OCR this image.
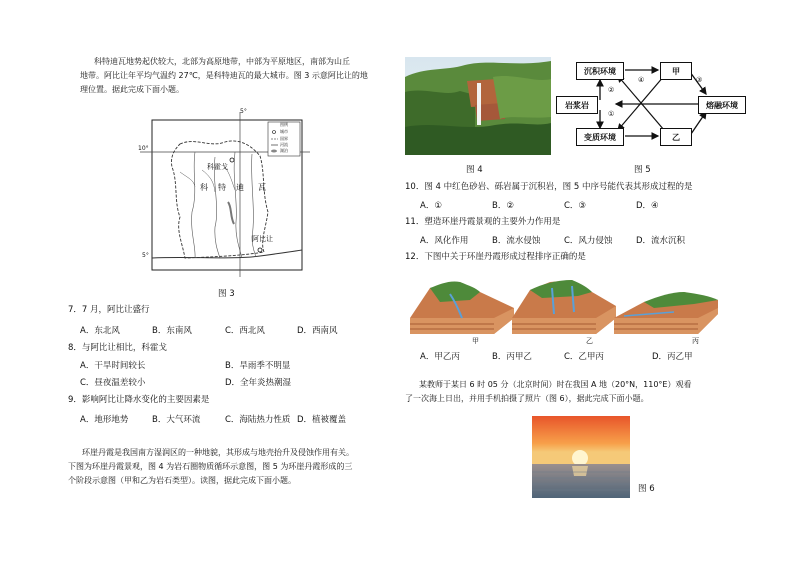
科特迪瓦地势起伏较大，北部为高原地带，中部为平原地区，南部为山丘
地带。阿比让年平均气温约 27℃，是科特迪瓦的最大城市。图 3 示意阿比让的地
理位置。据此完成下面小题。
5°
10°
5°
科霍戈
科 特 迪 瓦
阿比让
图例
城市
国界
河流
湖泊
图 3
7．7 月，阿比让盛行
A．东北风	B．东南风	C．西北风	D．西南风
8．与阿比让相比，科霍戈
A．干旱时间较长	B．旱雨季不明显
C．昼夜温差较小	D．全年炎热潮湿
9．影响阿比让降水变化的主要因素是
A．地形地势	B．大气环流	C．海陆热力性质 D．植被覆盖
环崖丹霞是我国南方湿润区的一种地貌，其形成与地壳抬升及侵蚀作用有关。
下图为环崖丹霞景观，图 4 为岩石圈物质循环示意图，图 5 为环崖丹霞形成的三
个阶段示意图（甲和乙为岩石类型）。读图，据此完成下面小题。
图 4
沉积环境	甲
岩浆岩	熔融环境
变质环境	乙
①
②
③
④
图 5
10．图 4 中红色砂岩、砾岩属于沉积岩，图 5 中序号能代表其形成过程的是
A．①	B．②	C．③	D．④
11．塑造环崖丹霞景观的主要外力作用是
A．风化作用	B．流水侵蚀	C．风力侵蚀	D．流水沉积
12．下图中关于环崖丹霞形成过程排序正确的是
甲	乙	丙
A．甲乙丙	B．丙甲乙	C．乙甲丙	D．丙乙甲
某教师于某日 6 时 05 分（北京时间）时在我国 A 地（20°N，110°E）观看
了一次海上日出，并用手机拍摄了照片（图 6），据此完成下面小题。
图 6
